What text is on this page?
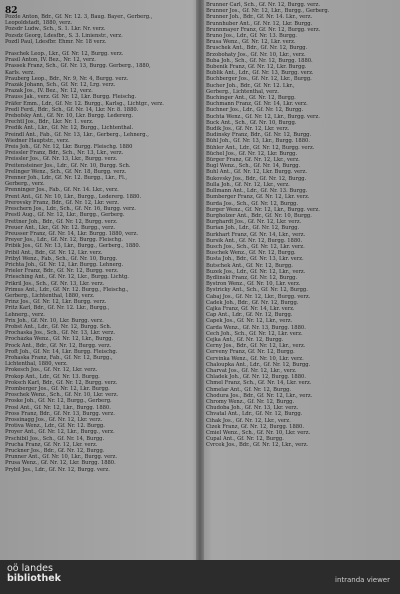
82
Pozde Anton, Bdr., Gf. Nr. 12. 3, Baug. Bayer., Gerberg.,
Leopoldstadt, 1880, verz.
Pozsdr Ludw., Sch., S. 1. Lkr. Nr. verz.
Pozsdz Georg, Ldesfbr., S. 3. Linienstr., verz.
Pozdl Paul, Ldesfbr. Ehmr. Nr. 18 verz.
Praschek Leop., Lkr., Gf. Nr. 12, Burgg. verz.
Prasil Anton, IV. Bez., Nr. 12, verz.
Prassek Franz, Sch., Gf. Nr. 13, Burgg. Gerberg., 1880,
Karls. verz.
Prauberg Leop., Bdr., Nr. 9, Nr. 4, Burgg. verz.
Prazák Johann, Sch., Gf. Nr. 12, Lrg. verz.
Prazak Jos., IV. Bez., Nr. 12, verz.
Prauss Jak., verz. Gf. Nr. 12, Lkr. Burgg. Fleischg.
Präfer Emm., Ldr., Gf. Nr. 12. Burgg., Karlsg., Lichtgr., verz.
Predl Ferd., Bdr., Sch., Gf. Nr. 14, Lkr. Nr. 8. 1880.
Prebofsky Ant., Gf. Nr. 10, Lkr. Burgg. Ledererg.
Prechtl Jos., Bdr., Lkr. Nr. 1. verz.
Predik Ant., Lkr., Gf. Nr. 12, Burgg., Lichtenthal.
Preindl Ant., Fab., Gf. Nr. 13, Lkr., Gerberg., Lehnerg.,
Wiedner Hauptstr., verz.
Preis Joh., Gf. Nr. 12, Lkr. Burgg. Fleischg. 1880
Preissler Franz, Bdr., Sch., Nr. 13, Lkr., verz.
Preissler Jos., Gf. Nr. 13, Lkr., Burgg. verz.
Preitensteiner Jos., Ldr., Gf. Nr. 10, Burgg. Sch.
Prelinger Wenz., Sch., Gf. Nr. 18, Burgg. verz.
Prenner Joh., Ldr., Gf. Nr. 12. Burgg., Lkr., Fl.,
Gerberg., verz.
Prenninger Jos., Fab., Gf. Nr. 14. Lkr., verz.
Prent Ant., Gf. Nr. 10, Lkr., Burgg., Ledererg. 1880.
Prerovsky Franz, Bdr., Gf. Nr. 12, Lkr. verz.
Preschern Jos., Ldr., Sch., Gf. Nr. 16, Burgg. verz.
Prestl Aug., Gf. Nr. 12, Lkr., Burgg., Gerberg.
Prettner Joh., Bdr., Gf. Nr. 12, Burgg. verz.
Preuer Ant., Lkr., Gf. Nr. 12. Burgg., verz.
Preusser Franz, Gf. Nr. 14, Lkr. Burgg. 1880, verz.
Preyer Jos., Ldr., Gf. Nr. 12, Burgg. Fleischg.
Pribik Jos., Gf. Nr. 13, Lkr., Burgg., Gerberg., 1880.
Pribil Ant., Bdr., Gf. Nr. 12, Lkr. verz.
Pribyl Wenz., Fab., Sch., Gf. Nr. 10, Burgg.
Prichta Joh., Gf. Nr. 12, Lkr. Burgg. Lehnerg.
Prieler Franz, Bdr., Gf. Nr. 12, Burgg. verz.
Priesching Ant., Gf. Nr. 12, Lkr., Burgg. Lichtg.
Prikril Jos., Sch., Gf. Nr. 13, Lkr. verz.
Primus Ant., Ldr., Gf. Nr. 12. Burgg., Fleischg.,
Gerberg., Lichtenthal, 1880, verz.
Prinz Jos., Gf. Nr. 12, Lkr. Burgg. verz.
Pritz Karl, Bdr., Gf. Nr. 12. Lkr., Burgg.,
Lehnerg., verz.
Prix Joh., Gf. Nr. 10, Lkr. Burgg. verz.
Probst Ant., Ldr., Gf. Nr. 12, Burgg. Sch.
Prochaska Jos., Sch., Gf. Nr. 13, Lkr. verz.
Procházka Wenz., Gf. Nr. 12, Lkr., Burgg.
Prock Ant., Bdr., Gf. Nr. 12, Burgg. verz.
Proft Joh., Gf. Nr. 14, Lkr. Burgg. Fleischg.
Prohaska Franz, Fab., Gf. Nr. 12, Burgg.,
Lichtenthal, 1880, verz.
Prokesch Jos., Gf. Nr. 12, Lkr. verz.
Prokop Ant., Ldr., Gf. Nr. 13. Burgg.
Proksch Karl, Bdr., Gf. Nr. 12, Burgg. verz.
Promberger Jos., Gf. Nr. 12, Lkr. Burgg.
Proschek Wenz., Sch., Gf. Nr. 10, Lkr. verz.
Proske Joh., Gf. Nr. 12, Burgg., Gerberg.
Prosl Ant., Gf. Nr. 12, Lkr., Burgg. 1880.
Pross Franz, Bdr., Gf. Nr. 13, Burgg. verz.
Prossinagg Jos., Gf. Nr. 12, Lkr. verz.
Protiva Wenz., Ldr., Gf. Nr. 12. Burgg.
Proyer Ant., Gf. Nr. 12, Lkr., Burgg., verz.
Prschibil Jos., Sch., Gf. Nr. 14, Burgg.
Prucha Franz, Gf. Nr. 12, Lkr. verz.
Pruckner Jos., Bdr., Gf. Nr. 12, Burgg.
Prunner Ant., Gf. Nr. 10, Lkr., Burgg. verz.
Prusa Wenz., Gf. Nr. 12, Lkr. Burgg. 1880.
Prybil Jos., Ldr., Gf. Nr. 12, Burgg. verz.
Brunner Carl, Sch., Gf. Nr. 12, Burgg. verz.
Brunner Jos., Gf. Nr. 12, Lkr., Burgg., Gerberg.
Brunner Joh., Bdr., Gf. Nr. 14. Lkr., verz.
Brunnhuber Ant., Gf. Nr. 12, Lkr. Burgg.
Brunnmayer Franz, Gf. Nr. 12, Burgg. verz.
Bruno Jos., Ldr., Gf. Nr. 13. Burgg.
Brusa Wenz., Gf. Nr. 12, Lkr. verz.
Bruschek Ant., Bdr., Gf. Nr. 12, Burgg.
Brzobohaty Jos., Gf. Nr. 10, Lkr., verz.
Buba Joh., Sch., Gf. Nr. 12, Burgg. 1880.
Bubenik Franz, Gf. Nr. 12, Lkr. Burgg.
Bublik Ant., Ldr., Gf. Nr. 13, Burgg. verz.
Buchberger Jos., Gf. Nr. 12, Lkr., Burgg.
Bucher Joh., Bdr., Gf. Nr. 12. Lkr.,
Gerberg., Lichtenthal, verz.
Buchinger Ant., Gf. Nr. 12, Burgg.
Buchmann Franz, Gf. Nr. 14, Lkr. verz.
Buchner Jos., Ldr., Gf. Nr. 12, Burgg.
Buchta Wenz., Gf. Nr. 12, Lkr., Burgg. verz.
Buck Ant., Sch., Gf. Nr. 10, Burgg.
Budik Jos., Gf. Nr. 12, Lkr. verz.
Budinsky Franz, Bdr., Gf. Nr. 12, Burgg.
Bühl Joh., Gf. Nr. 13, Lkr., Burgg. 1880.
Bühler Ant., Ldr., Gf. Nr. 12, Burgg. verz.
Büchel Jos., Gf. Nr. 12, Lkr. Burgg.
Bürger Franz, Gf. Nr. 12, Lkr., verz.
Bugl Wenz., Sch., Gf. Nr. 14, Burgg.
Buhl Ant., Gf. Nr. 12, Lkr. Burgg. verz.
Bukovsky Jos., Bdr., Gf. Nr. 12, Burgg.
Bulla Joh., Gf. Nr. 12, Lkr., verz.
Bullmann Ant., Ldr., Gf. Nr. 13. Burgg.
Bumberger Franz, Gf. Nr. 12, Lkr. verz.
Burda Jos., Sch., Gf. Nr. 12, Burgg.
Burger Wenz., Gf. Nr. 12, Lkr., Burgg. verz.
Burgholzer Ant., Bdr., Gf. Nr. 10, Burgg.
Burghardt Jos., Gf. Nr. 12, Lkr. verz.
Burian Joh., Ldr., Gf. Nr. 12, Burgg.
Burkhart Franz, Gf. Nr. 14, Lkr., verz.
Bursik Ant., Gf. Nr. 12, Burgg. 1880.
Busch Jos., Sch., Gf. Nr. 12, Lkr. verz.
Buschek Wenz., Gf. Nr. 12, Burgg.
Busta Joh., Bdr., Gf. Nr. 13, Lkr. verz.
Butschek Ant., Gf. Nr. 12, Burgg.
Buzek Jos., Ldr., Gf. Nr. 12, Lkr., verz.
Bydlinski Franz, Gf. Nr. 12, Burgg.
Bystron Wenz., Gf. Nr. 10, Lkr. verz.
Bystricky Ant., Sch., Gf. Nr. 12, Burgg.
Cabaj Jos., Gf. Nr. 12, Lkr., Burgg. verz.
Cadek Joh., Bdr., Gf. Nr. 12, Burgg.
Cajka Franz, Gf. Nr. 14, Lkr. verz.
Cap Ant., Ldr., Gf. Nr. 12, Burgg.
Capek Jos., Gf. Nr. 12, Lkr., verz.
Carda Wenz., Gf. Nr. 13, Burgg. 1880.
Cech Joh., Sch., Gf. Nr. 12, Lkr. verz.
Cejka Ant., Gf. Nr. 12, Burgg.
Cerny Jos., Bdr., Gf. Nr. 12, Lkr., verz.
Cerveny Franz, Gf. Nr. 12, Burgg.
Cervinka Wenz., Gf. Nr. 10, Lkr. verz.
Chaloupka Ant., Ldr., Gf. Nr. 12, Burgg.
Charvat Jos., Gf. Nr. 12, Lkr., verz.
Chladek Joh., Gf. Nr. 12, Burgg. 1880.
Chmel Franz, Sch., Gf. Nr. 14, Lkr. verz.
Chmelar Ant., Gf. Nr. 12, Burgg.
Chodura Jos., Bdr., Gf. Nr. 12, Lkr., verz.
Chromy Wenz., Gf. Nr. 12, Burgg.
Chudoba Joh., Gf. Nr. 13, Lkr. verz.
Chvatal Ant., Ldr., Gf. Nr. 12, Burgg.
Cihak Jos., Gf. Nr. 12, Lkr., verz.
Cizek Franz, Gf. Nr. 12, Burgg. 1880.
Cmiel Wenz., Sch., Gf. Nr. 10, Lkr. verz.
Cupal Ant., Gf. Nr. 12, Burgg.
Cvrcek Jos., Bdr., Gf. Nr. 12, Lkr., verz.
oö landes
bibliothek	intranda viewer
